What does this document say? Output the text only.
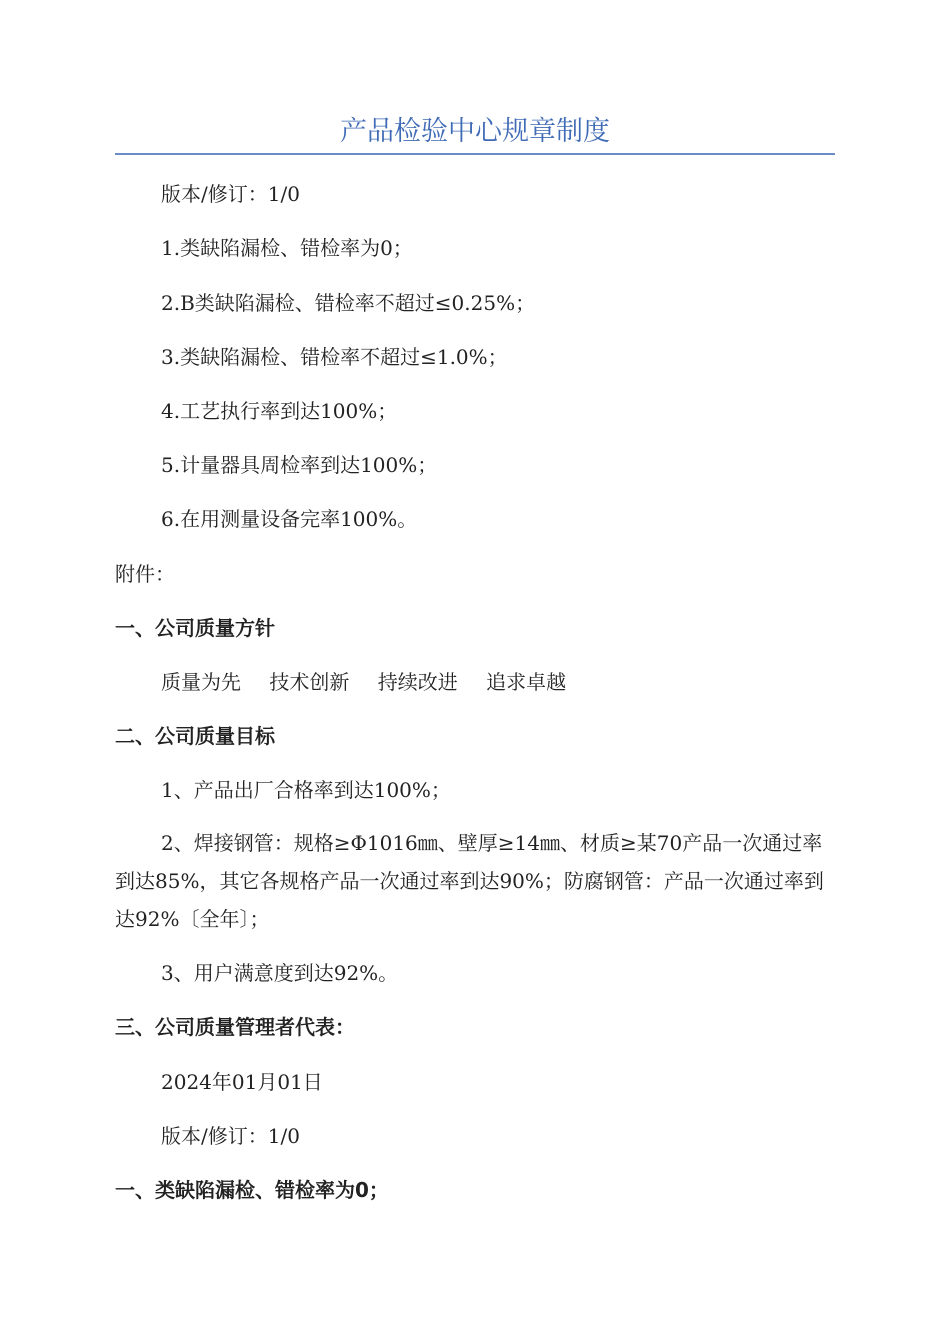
产品检验中心规章制度

版本/修订：1/0

1.类缺陷漏检、错检率为0；

2.B类缺陷漏检、错检率不超过≤0.25%；

3.类缺陷漏检、错检率不超过≤1.0%；

4.工艺执行率到达100%；

5.计量器具周检率到达100%；

6.在用测量设备完率100%。

附件：

一、公司质量方针

质量为先 技术创新 持续改进 追求卓越

二、公司质量目标

1、产品出厂合格率到达100%；

2、焊接钢管：规格≥Φ1016㎜、壁厚≥14㎜、材质≥某70产品一次通过率到达85%，其它各规格产品一次通过率到达90%；防腐钢管：产品一次通过率到达92%〔全年〕；

3、用户满意度到达92%。

三、公司质量管理者代表：

2024年01月01日

版本/修订：1/0

一、类缺陷漏检、错检率为0；
